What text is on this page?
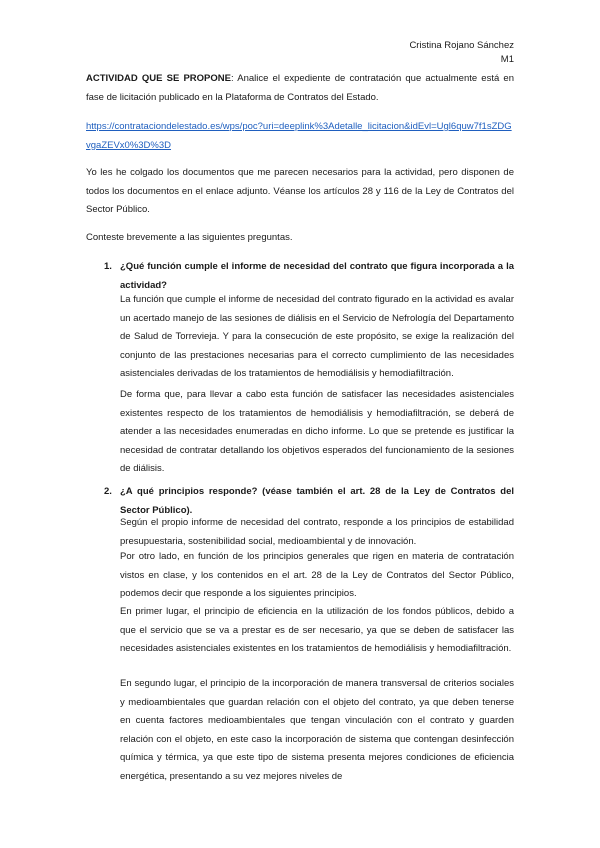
Cristina Rojano Sánchez
M1
ACTIVIDAD QUE SE PROPONE: Analice el expediente de contratación que actualmente está en fase de licitación publicado en la Plataforma de Contratos del Estado.
https://contrataciondelestado.es/wps/poc?uri=deeplink%3Adetalle_licitacion&idEvl=Ugl6quw7f1sZDGvgaZEVx0%3D%3D
Yo les he colgado los documentos que me parecen necesarios para la actividad, pero disponen de todos los documentos en el enlace adjunto. Véanse los artículos 28 y 116 de la Ley de Contratos del Sector Público.
Conteste brevemente a las siguientes preguntas.
1. ¿Qué función cumple el informe de necesidad del contrato que figura incorporada a la actividad?
La función que cumple el informe de necesidad del contrato figurado en la actividad es avalar un acertado manejo de las sesiones de diálisis en el Servicio de Nefrología del Departamento de Salud de Torrevieja. Y para la consecución de este propósito, se exige la realización del conjunto de las prestaciones necesarias para el correcto cumplimiento de las necesidades asistenciales derivadas de los tratamientos de hemodiálisis y hemodiafiltración.
De forma que, para llevar a cabo esta función de satisfacer las necesidades asistenciales existentes respecto de los tratamientos de hemodiálisis y hemodiafiltración, se deberá de atender a las necesidades enumeradas en dicho informe. Lo que se pretende es justificar la necesidad de contratar detallando los objetivos esperados del funcionamiento de la sesiones de diálisis.
2. ¿A qué principios responde? (véase también el art. 28 de la Ley de Contratos del Sector Público).
Según el propio informe de necesidad del contrato, responde a los principios de estabilidad presupuestaria, sostenibilidad social, medioambiental y de innovación.
Por otro lado, en función de los principios generales que rigen en materia de contratación vistos en clase, y los contenidos en el art. 28 de la Ley de Contratos del Sector Público, podemos decir que responde a los siguientes principios.
En primer lugar, el principio de eficiencia en la utilización de los fondos públicos, debido a que el servicio que se va a prestar es de ser necesario, ya que se deben de satisfacer las necesidades asistenciales existentes en los tratamientos de hemodiálisis y hemodiafiltración.
En segundo lugar, el principio de la incorporación de manera transversal de criterios sociales y medioambientales que guardan relación con el objeto del contrato, ya que deben tenerse en cuenta factores medioambientales que tengan vinculación con el contrato y guarden relación con el objeto, en este caso la incorporación de sistema que contengan desinfección química y térmica, ya que este tipo de sistema presenta mejores condiciones de eficiencia energética, presentando a su vez mejores niveles de
